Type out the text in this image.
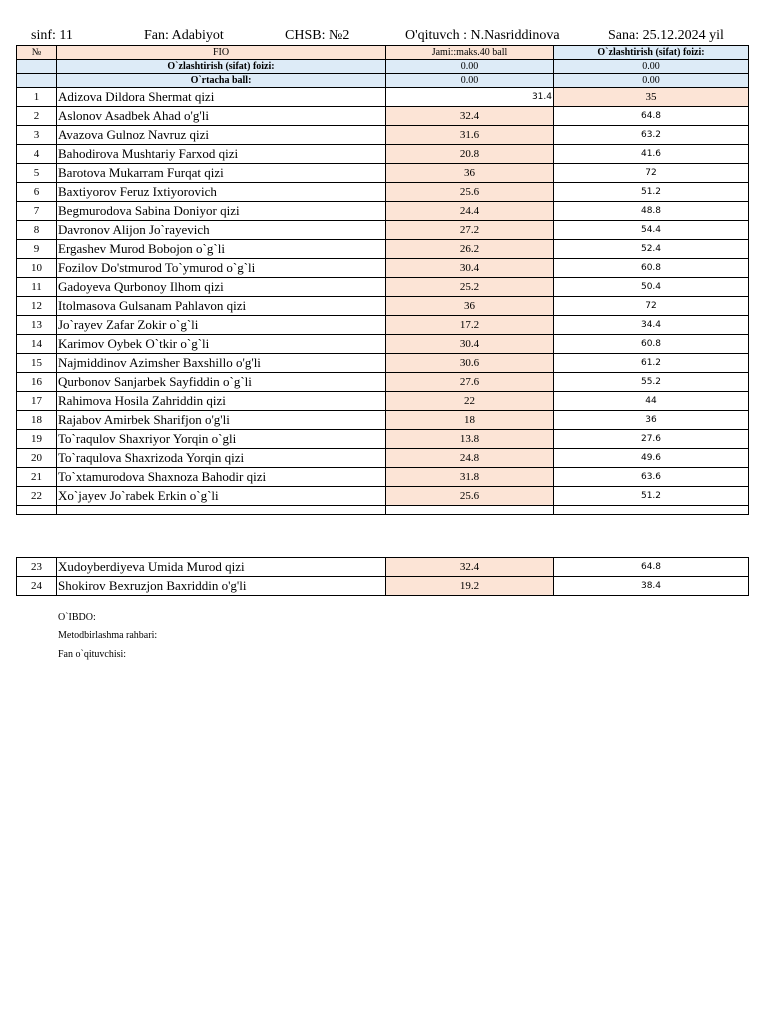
sinf: 11	Fan: Adabiyot	CHSB: №2	O'qituvch : N.Nasriddinova	Sana: 25.12.2024 yil
№	FIO	Jami::maks.40 ball	O`zlashtirish (sifat) foizi:
	O`zlashtirish (sifat) foizi:	0.00	0.00
	O`rtacha ball:	0.00	0.00
1	Adizova Dildora Shermat qizi	31.4	35
2	Aslonov Asadbek Ahad o'g'li	32.4	64.8
3	Avazova Gulnoz Navruz qizi	31.6	63.2
4	Bahodirova Mushtariy Farxod qizi	20.8	41.6
5	Barotova Mukarram Furqat qizi	36	72
6	Baxtiyorov Feruz Ixtiyorovich	25.6	51.2
7	Begmurodova Sabina Doniyor qizi	24.4	48.8
8	Davronov Alijon Jo`rayevich	27.2	54.4
9	Ergashev Murod Bobojon o`g`li	26.2	52.4
10	Fozilov Do'stmurod To`ymurod o`g`li	30.4	60.8
11	Gadoyeva Qurbonoy Ilhom qizi	25.2	50.4
12	Itolmasova Gulsanam Pahlavon qizi	36	72
13	Jo`rayev Zafar Zokir o`g`li	17.2	34.4
14	Karimov Oybek O`tkir o`g`li	30.4	60.8
15	Najmiddinov Azimsher Baxshillo o'g'li	30.6	61.2
16	Qurbonov Sanjarbek Sayfiddin o`g`li	27.6	55.2
17	Rahimova Hosila Zahriddin qizi	22	44
18	Rajabov Amirbek Sharifjon o'g'li	18	36
19	To`raqulov Shaxriyor Yorqin o`gli	13.8	27.6
20	To`raqulova Shaxrizoda Yorqin qizi	24.8	49.6
21	To`xtamurodova Shaxnoza Bahodir qizi	31.8	63.6
22	Xo`jayev Jo`rabek Erkin o`g`li	25.6	51.2

23	Xudoyberdiyeva Umida Murod qizi	32.4	64.8
24	Shokirov Bexruzjon Baxriddin o'g'li	19.2	38.4
O`IBDO:
Metodbirlashma rahbari:
Fan o`qituvchisi:
